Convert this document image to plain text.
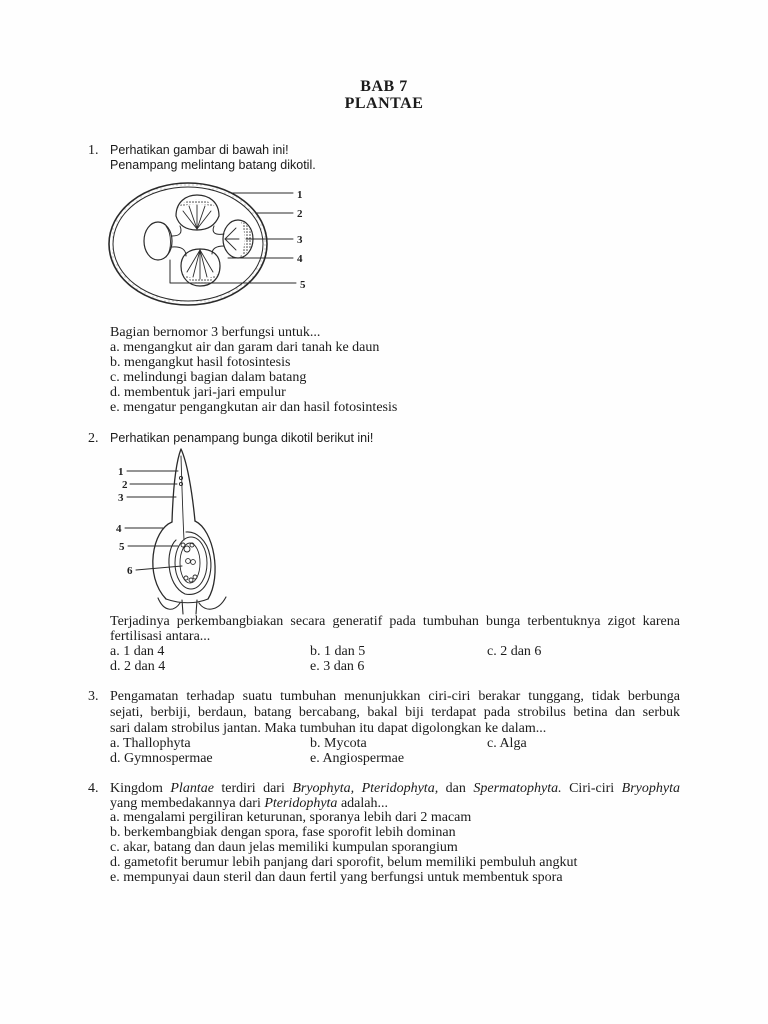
BAB 7
PLANTAE
1. Perhatikan gambar di bawah ini!
Penampang melintang batang dikotil.
1
2
3
4
5
Bagian bernomor 3 berfungsi untuk...
a. mengangkut air dan garam dari tanah ke daun
b. mengangkut hasil fotosintesis
c. melindungi bagian dalam batang
d. membentuk jari-jari empulur
e. mengatur pengangkutan air dan hasil fotosintesis
2. Perhatikan penampang bunga dikotil berikut ini!
1
2
3
4
5
6
Terjadinya perkembangbiakan secara generatif pada tumbuhan bunga terbentuknya zigot karena
fertilisasi antara...
a. 1 dan 4	b. 1 dan 5	c. 2 dan 6
d. 2 dan 4	e. 3 dan 6
3. Pengamatan terhadap suatu tumbuhan menunjukkan ciri-ciri berakar tunggang, tidak berbunga
sejati, berbiji, berdaun, batang bercabang, bakal biji terdapat pada strobilus betina dan serbuk
sari dalam strobilus jantan. Maka tumbuhan itu dapat digolongkan ke dalam...
a. Thallophyta	b. Mycota	c. Alga
d. Gymnospermae	e. Angiospermae
4. Kingdom Plantae terdiri dari Bryophyta, Pteridophyta, dan Spermatophyta. Ciri-ciri Bryophyta
yang membedakannya dari Pteridophyta adalah...
a. mengalami pergiliran keturunan, sporanya lebih dari 2 macam
b. berkembangbiak dengan spora, fase sporofit lebih dominan
c. akar, batang dan daun jelas memiliki kumpulan sporangium
d. gametofit berumur lebih panjang dari sporofit, belum memiliki pembuluh angkut
e. mempunyai daun steril dan daun fertil yang berfungsi untuk membentuk spora
